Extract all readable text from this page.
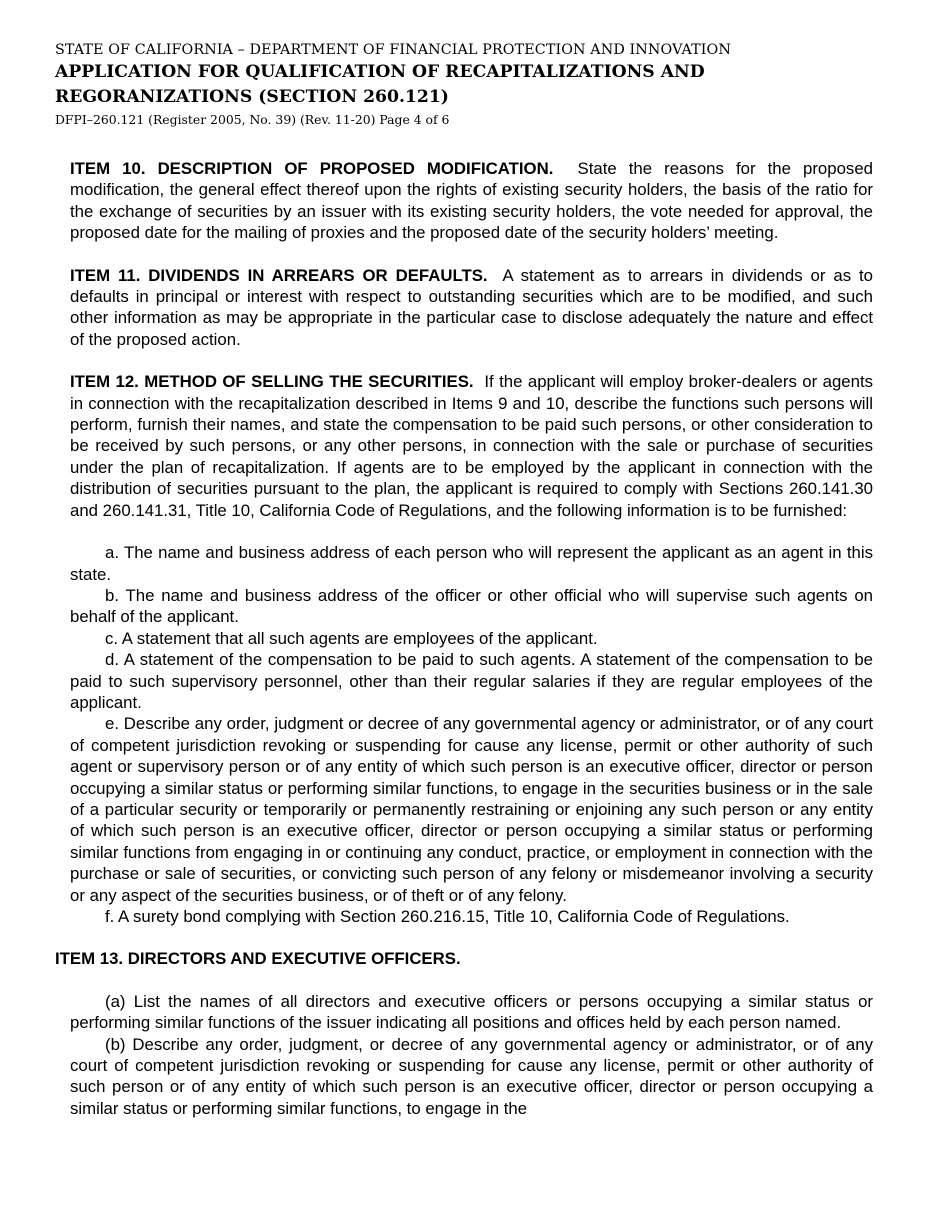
STATE OF CALIFORNIA – DEPARTMENT OF FINANCIAL PROTECTION AND INNOVATION
APPLICATION FOR QUALIFICATION OF RECAPITALIZATIONS AND
REGORANIZATIONS (SECTION 260.121)
DFPI–260.121 (Register 2005, No. 39) (Rev. 11-20) Page 4 of 6

ITEM 10. DESCRIPTION OF PROPOSED MODIFICATION. State the reasons for the proposed modification, the general effect thereof upon the rights of existing security holders, the basis of the ratio for the exchange of securities by an issuer with its existing security holders, the vote needed for approval, the proposed date for the mailing of proxies and the proposed date of the security holders’ meeting.

ITEM 11. DIVIDENDS IN ARREARS OR DEFAULTS. A statement as to arrears in dividends or as to defaults in principal or interest with respect to outstanding securities which are to be modified, and such other information as may be appropriate in the particular case to disclose adequately the nature and effect of the proposed action.

ITEM 12. METHOD OF SELLING THE SECURITIES. If the applicant will employ broker-dealers or agents in connection with the recapitalization described in Items 9 and 10, describe the functions such persons will perform, furnish their names, and state the compensation to be paid such persons, or other consideration to be received by such persons, or any other persons, in connection with the sale or purchase of securities under the plan of recapitalization. If agents are to be employed by the applicant in connection with the distribution of securities pursuant to the plan, the applicant is required to comply with Sections 260.141.30 and 260.141.31, Title 10, California Code of Regulations, and the following information is to be furnished:

a. The name and business address of each person who will represent the applicant as an agent in this state.

b. The name and business address of the officer or other official who will supervise such agents on behalf of the applicant.

c. A statement that all such agents are employees of the applicant.

d. A statement of the compensation to be paid to such agents. A statement of the compensation to be paid to such supervisory personnel, other than their regular salaries if they are regular employees of the applicant.

e. Describe any order, judgment or decree of any governmental agency or administrator, or of any court of competent jurisdiction revoking or suspending for cause any license, permit or other authority of such agent or supervisory person or of any entity of which such person is an executive officer, director or person occupying a similar status or performing similar functions, to engage in the securities business or in the sale of a particular security or temporarily or permanently restraining or enjoining any such person or any entity of which such person is an executive officer, director or person occupying a similar status or performing similar functions from engaging in or continuing any conduct, practice, or employment in connection with the purchase or sale of securities, or convicting such person of any felony or misdemeanor involving a security or any aspect of the securities business, or of theft or of any felony.

f. A surety bond complying with Section 260.216.15, Title 10, California Code of Regulations.

ITEM 13. DIRECTORS AND EXECUTIVE OFFICERS.

(a) List the names of all directors and executive officers or persons occupying a similar status or performing similar functions of the issuer indicating all positions and offices held by each person named.

(b) Describe any order, judgment, or decree of any governmental agency or administrator, or of any court of competent jurisdiction revoking or suspending for cause any license, permit or other authority of such person or of any entity of which such person is an executive officer, director or person occupying a similar status or performing similar functions, to engage in the
